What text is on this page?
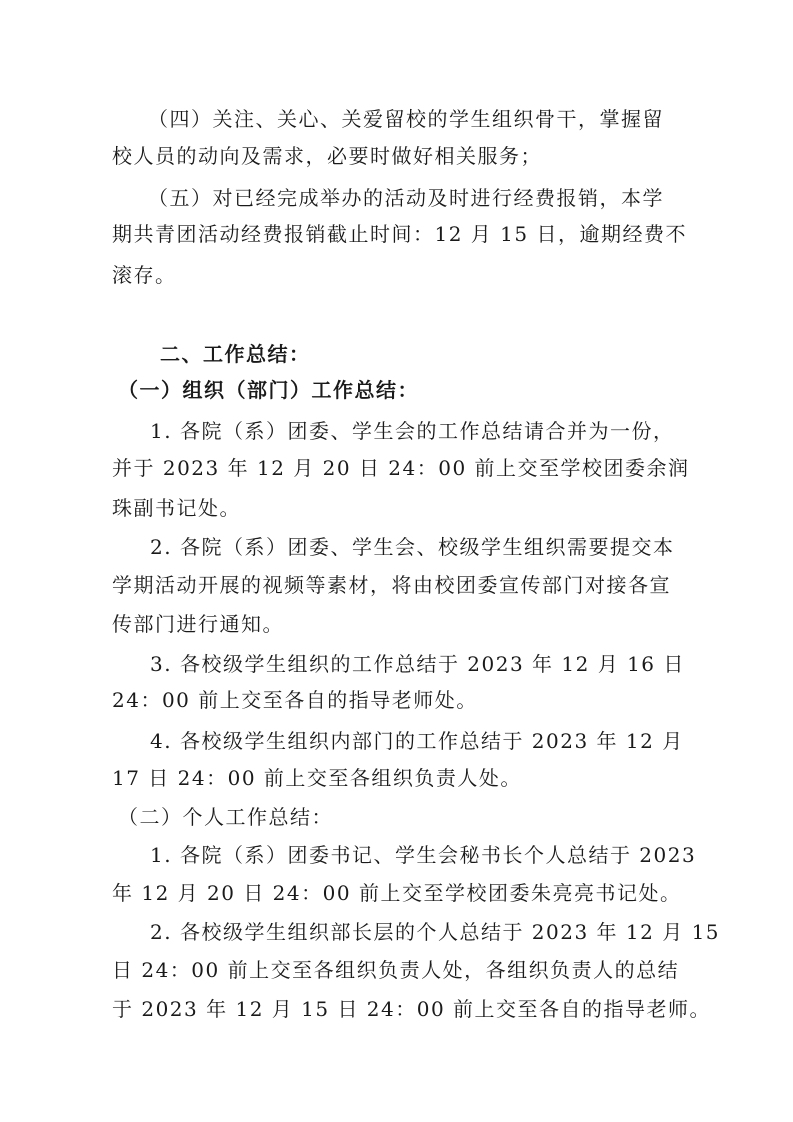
（四）关注、关心、关爱留校的学生组织骨干，掌握留
校人员的动向及需求，必要时做好相关服务；
（五）对已经完成举办的活动及时进行经费报销，本学
期共青团活动经费报销截止时间：12 月 15 日，逾期经费不
滚存。
二、工作总结：
（一）组织（部门）工作总结：
1. 各院（系）团委、学生会的工作总结请合并为一份，
并于 2023 年 12 月 20 日 24：00 前上交至学校团委余润
珠副书记处。
2. 各院（系）团委、学生会、校级学生组织需要提交本
学期活动开展的视频等素材，将由校团委宣传部门对接各宣
传部门进行通知。
3. 各校级学生组织的工作总结于 2023 年 12 月 16 日
24：00 前上交至各自的指导老师处。
4. 各校级学生组织内部门的工作总结于 2023 年 12 月
17 日 24：00 前上交至各组织负责人处。
（二）个人工作总结：
1. 各院（系）团委书记、学生会秘书长个人总结于 2023
年 12 月 20 日 24：00 前上交至学校团委朱亮亮书记处。
2. 各校级学生组织部长层的个人总结于 2023 年 12 月 15
日 24：00 前上交至各组织负责人处，各组织负责人的总结
于 2023 年 12 月 15 日 24：00 前上交至各自的指导老师。
